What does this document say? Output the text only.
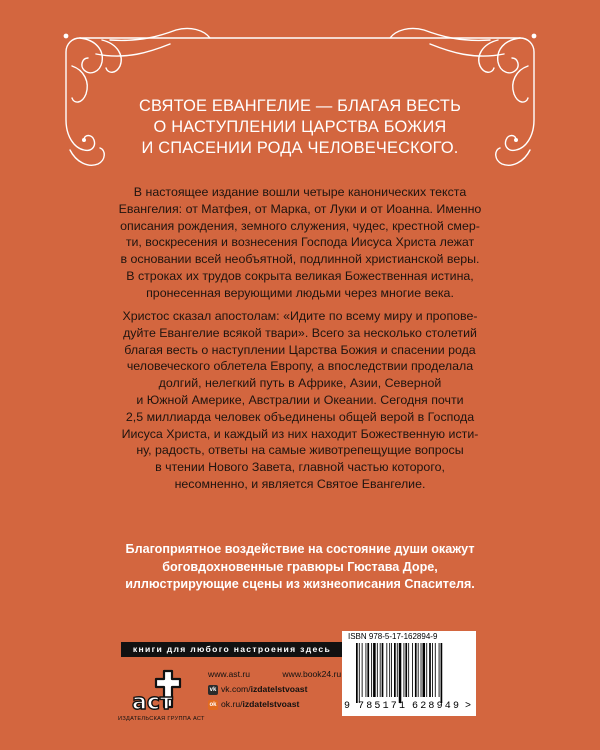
СВЯТОЕ ЕВАНГЕЛИЕ — БЛАГАЯ ВЕСТЬ
О НАСТУПЛЕНИИ ЦАРСТВА БОЖИЯ
И СПАСЕНИИ РОДА ЧЕЛОВЕЧЕСКОГО.
В настоящее издание вошли четыре канонических текста
Евангелия: от Матфея, от Марка, от Луки и от Иоанна. Именно
описания рождения, земного служения, чудес, крестной смер-
ти, воскресения и вознесения Господа Иисуса Христа лежат
в основании всей необъятной, подлинной христианской веры.
В строках их трудов сокрыта великая Божественная истина,
пронесенная верующими людьми через многие века.
Христос сказал апостолам: «Идите по всему миру и пропове-
дуйте Евангелие всякой твари». Всего за несколько столетий
благая весть о наступлении Царства Божия и спасении рода
человеческого облетела Европу, а впоследствии проделала
долгий, нелегкий путь в Африке, Азии, Северной
и Южной Америке, Австралии и Океании. Сегодня почти
2,5 миллиарда человек объединены общей верой в Господа
Иисуса Христа, и каждый из них находит Божественную исти-
ну, радость, ответы на самые животрепещущие вопросы
в чтении Нового Завета, главной частью которого,
несомненно, и является Святое Евангелие.
Благоприятное воздействие на состояние души окажут
боговдохновенные гравюры Гюстава Доре,
иллюстрирующие сцены из жизнеописания Спасителя.
книги для любого настроения здесь
аст
ИЗДАТЕЛЬСКАЯ ГРУППА АСТ
www.ast.ru	www.book24.ru
vk vk.com/izdatelstvoast
ok ok.ru/izdatelstvoast
ISBN 978-5-17-162894-9
9 785171 628949 >
